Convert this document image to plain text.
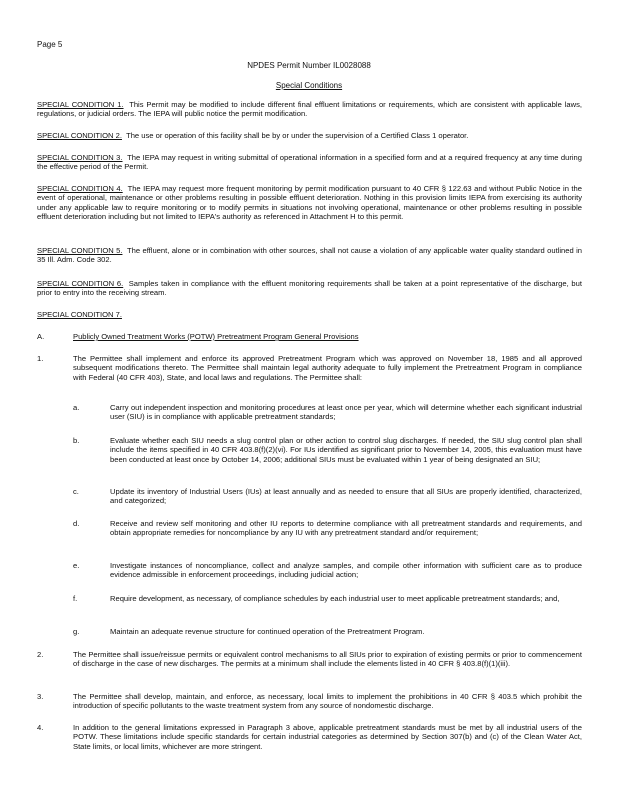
Page 5
NPDES Permit Number IL0028088
Special Conditions
SPECIAL CONDITION 1. This Permit may be modified to include different final effluent limitations or requirements, which are consistent with applicable laws, regulations, or judicial orders. The IEPA will public notice the permit modification.
SPECIAL CONDITION 2. The use or operation of this facility shall be by or under the supervision of a Certified Class 1 operator.
SPECIAL CONDITION 3. The IEPA may request in writing submittal of operational information in a specified form and at a required frequency at any time during the effective period of the Permit.
SPECIAL CONDITION 4. The IEPA may request more frequent monitoring by permit modification pursuant to 40 CFR § 122.63 and without Public Notice in the event of operational, maintenance or other problems resulting in possible effluent deterioration. Nothing in this provision limits IEPA from exercising its authority under any applicable law to require monitoring or to modify permits in situations not involving operational, maintenance or other problems resulting in possible effluent deterioration including but not limited to IEPA's authority as referenced in Attachment H to this permit.
SPECIAL CONDITION 5. The effluent, alone or in combination with other sources, shall not cause a violation of any applicable water quality standard outlined in 35 Ill. Adm. Code 302.
SPECIAL CONDITION 6. Samples taken in compliance with the effluent monitoring requirements shall be taken at a point representative of the discharge, but prior to entry into the receiving stream.
SPECIAL CONDITION 7.
A.	Publicly Owned Treatment Works (POTW) Pretreatment Program General Provisions
1.	The Permittee shall implement and enforce its approved Pretreatment Program which was approved on November 18, 1985 and all approved subsequent modifications thereto. The Permittee shall maintain legal authority adequate to fully implement the Pretreatment Program in compliance with Federal (40 CFR 403), State, and local laws and regulations. The Permittee shall:
a.	Carry out independent inspection and monitoring procedures at least once per year, which will determine whether each significant industrial user (SIU) is in compliance with applicable pretreatment standards;
b.	Evaluate whether each SIU needs a slug control plan or other action to control slug discharges. If needed, the SIU slug control plan shall include the items specified in 40 CFR 403.8(f)(2)(vi). For IUs identified as significant prior to November 14, 2005, this evaluation must have been conducted at least once by October 14, 2006; additional SIUs must be evaluated within 1 year of being designated an SIU;
c.	Update its inventory of Industrial Users (IUs) at least annually and as needed to ensure that all SIUs are properly identified, characterized, and categorized;
d.	Receive and review self monitoring and other IU reports to determine compliance with all pretreatment standards and requirements, and obtain appropriate remedies for noncompliance by any IU with any pretreatment standard and/or requirement;
e.	Investigate instances of noncompliance, collect and analyze samples, and compile other information with sufficient care as to produce evidence admissible in enforcement proceedings, including judicial action;
f.	Require development, as necessary, of compliance schedules by each industrial user to meet applicable pretreatment standards; and,
g.	Maintain an adequate revenue structure for continued operation of the Pretreatment Program.
2.	The Permittee shall issue/reissue permits or equivalent control mechanisms to all SIUs prior to expiration of existing permits or prior to commencement of discharge in the case of new discharges. The permits at a minimum shall include the elements listed in 40 CFR § 403.8(f)(1)(iii).
3.	The Permittee shall develop, maintain, and enforce, as necessary, local limits to implement the prohibitions in 40 CFR § 403.5 which prohibit the introduction of specific pollutants to the waste treatment system from any source of nondomestic discharge.
4.	In addition to the general limitations expressed in Paragraph 3 above, applicable pretreatment standards must be met by all industrial users of the POTW. These limitations include specific standards for certain industrial categories as determined by Section 307(b) and (c) of the Clean Water Act, State limits, or local limits, whichever are more stringent.
